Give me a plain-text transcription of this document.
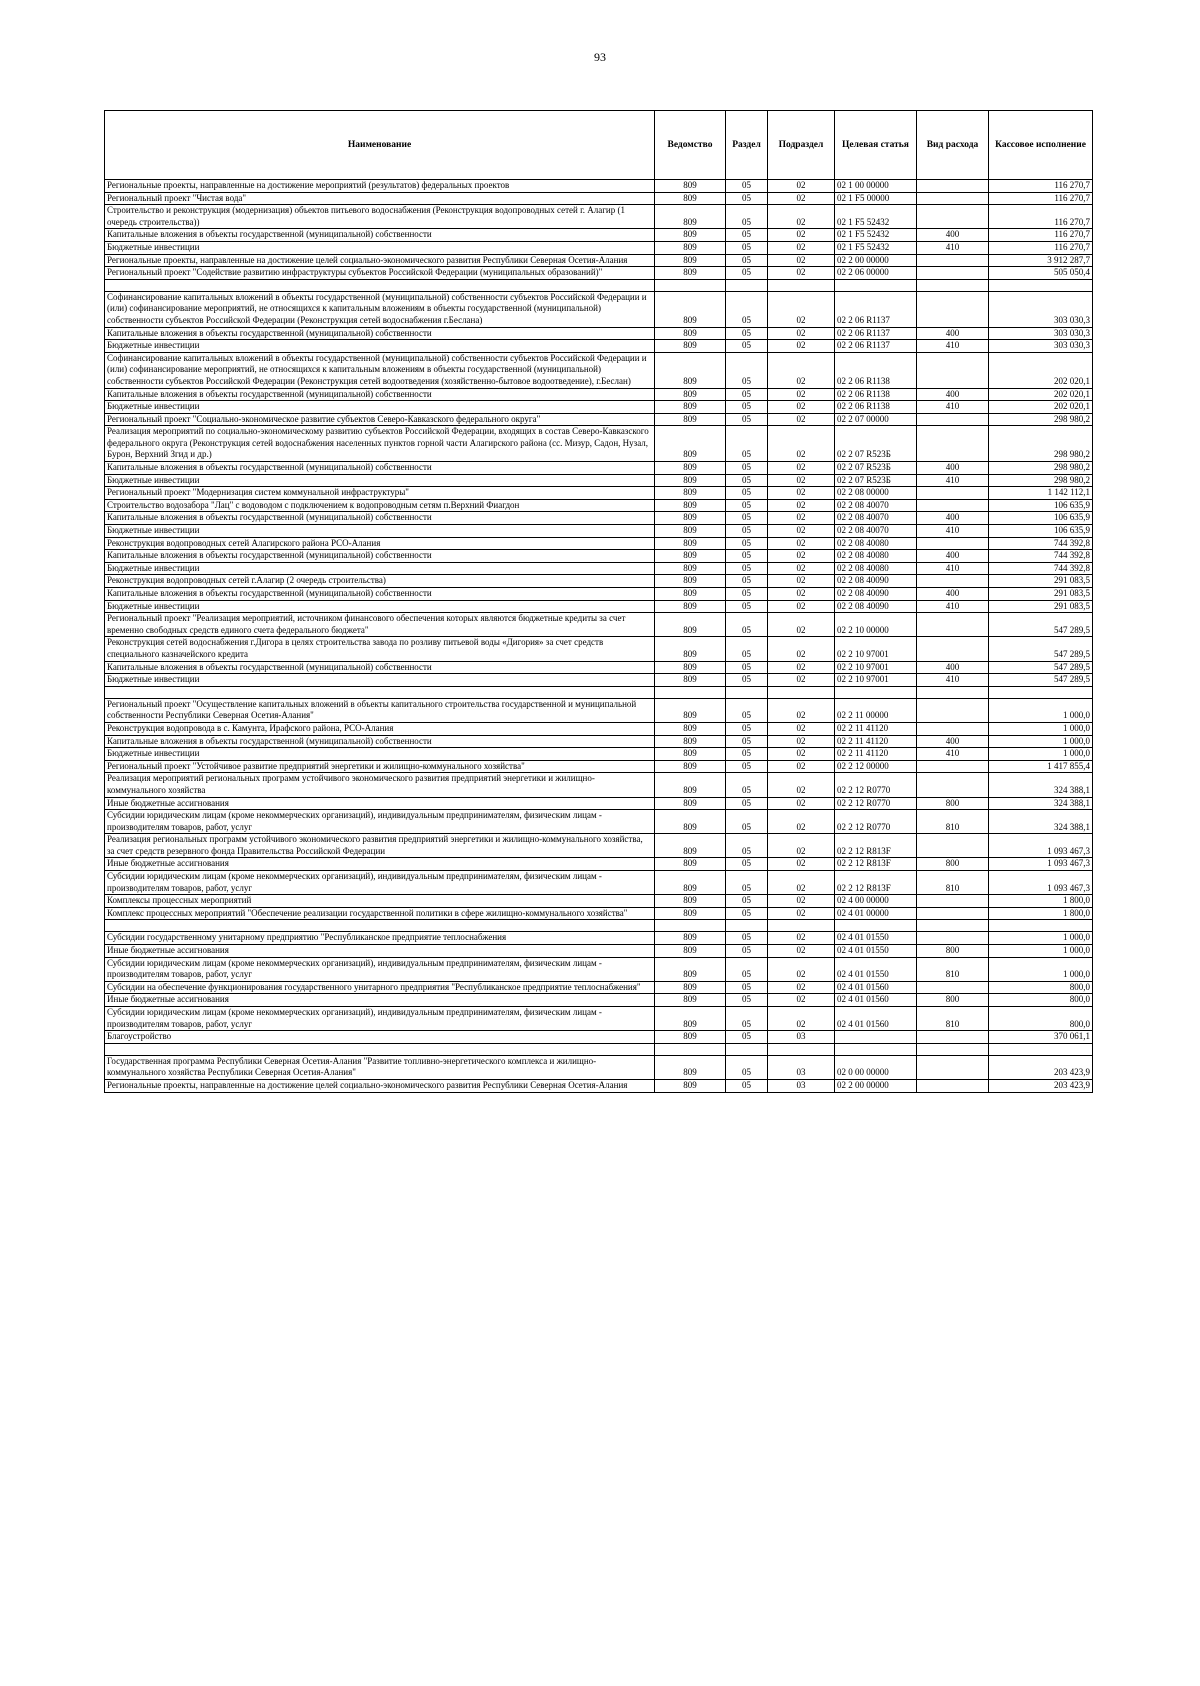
93
Наименование	Ведомство	Раздел	Подраздел	Целевая статья	Вид расхода	Кассовое исполнение
Региональные проекты, направленные на достижение мероприятий (результатов) федеральных проектов	809	05	02	02 1 00 00000		116 270,7
Региональный проект "Чистая вода"	809	05	02	02 1 F5 00000		116 270,7
Строительство и реконструкция (модернизация) объектов питьевого водоснабжения (Реконструкция водопроводных сетей г. Алагир (1 очередь строительства))	809	05	02	02 1 F5 52432		116 270,7
Капитальные вложения в объекты государственной (муниципальной) собственности	809	05	02	02 1 F5 52432	400	116 270,7
Бюджетные инвестиции	809	05	02	02 1 F5 52432	410	116 270,7
Региональные проекты, направленные на достижение целей социально-экономического развития Республики Северная Осетия-Алания	809	05	02	02 2 00 00000		3 912 287,7
Региональный проект "Содействие развитию инфраструктуры субъектов Российской Федерации (муниципальных образований)"	809	05	02	02 2 06 00000		505 050,4

Софинансирование капитальных вложений в объекты государственной (муниципальной) собственности субъектов Российской Федерации и (или) софинансирование мероприятий, не относящихся к капитальным вложениям в объекты государственной (муниципальной) собственности субъектов Российской Федерации (Реконструкция сетей водоснабжения г.Беслана)	809	05	02	02 2 06 R1137		303 030,3
Капитальные вложения в объекты государственной (муниципальной) собственности	809	05	02	02 2 06 R1137	400	303 030,3
Бюджетные инвестиции	809	05	02	02 2 06 R1137	410	303 030,3
Софинансирование капитальных вложений в объекты государственной (муниципальной) собственности субъектов Российской Федерации и (или) софинансирование мероприятий, не относящихся к капитальным вложениям в объекты государственной (муниципальной) собственности субъектов Российской Федерации (Реконструкция сетей водоотведения (хозяйственно-бытовое водоотведение), г.Беслан)	809	05	02	02 2 06 R1138		202 020,1
Капитальные вложения в объекты государственной (муниципальной) собственности	809	05	02	02 2 06 R1138	400	202 020,1
Бюджетные инвестиции	809	05	02	02 2 06 R1138	410	202 020,1
Региональный проект "Социально-экономическое развитие субъектов Северо-Кавказского федерального округа"	809	05	02	02 2 07 00000		298 980,2
Реализация мероприятий по социально-экономическому развитию субъектов Российской Федерации, входящих в состав Северо-Кавказского федерального округа (Реконструкция сетей водоснабжения населенных пунктов горной части Алагирского района (сс. Мизур, Садон, Нузал, Бурон, Верхний Згид и др.)	809	05	02	02 2 07 R523Б		298 980,2
Капитальные вложения в объекты государственной (муниципальной) собственности	809	05	02	02 2 07 R523Б	400	298 980,2
Бюджетные инвестиции	809	05	02	02 2 07 R523Б	410	298 980,2
Региональный проект "Модернизация систем коммунальной инфраструктуры"	809	05	02	02 2 08 00000		1 142 112,1
Строительство водозабора "Лац" с водоводом с подключением к водопроводным сетям п.Верхний Фиагдон	809	05	02	02 2 08 40070		106 635,9
Капитальные вложения в объекты государственной (муниципальной) собственности	809	05	02	02 2 08 40070	400	106 635,9
Бюджетные инвестиции	809	05	02	02 2 08 40070	410	106 635,9
Реконструкция водопроводных сетей Алагирского района РСО-Алания	809	05	02	02 2 08 40080		744 392,8
Капитальные вложения в объекты государственной (муниципальной) собственности	809	05	02	02 2 08 40080	400	744 392,8
Бюджетные инвестиции	809	05	02	02 2 08 40080	410	744 392,8
Реконструкция водопроводных сетей г.Алагир (2 очередь строительства)	809	05	02	02 2 08 40090		291 083,5
Капитальные вложения в объекты государственной (муниципальной) собственности	809	05	02	02 2 08 40090	400	291 083,5
Бюджетные инвестиции	809	05	02	02 2 08 40090	410	291 083,5
Региональный проект "Реализация мероприятий, источником финансового обеспечения которых являются бюджетные кредиты за счет временно свободных средств единого счета федерального бюджета"	809	05	02	02 2 10 00000		547 289,5
Реконструкция сетей водоснабжения г.Дигора в целях строительства завода по розливу питьевой воды «Дигория» за счет средств специального казначейского кредита	809	05	02	02 2 10 97001		547 289,5
Капитальные вложения в объекты государственной (муниципальной) собственности	809	05	02	02 2 10 97001	400	547 289,5
Бюджетные инвестиции	809	05	02	02 2 10 97001	410	547 289,5

Региональный проект "Осуществление капитальных вложений в объекты капитального строительства государственной и муниципальной собственности Республики Северная Осетия-Алания"	809	05	02	02 2 11 00000		1 000,0
Реконструкция водопровода в с. Камунта, Ирафского района, РСО-Алания	809	05	02	02 2 11 41120		1 000,0
Капитальные вложения в объекты государственной (муниципальной) собственности	809	05	02	02 2 11 41120	400	1 000,0
Бюджетные инвестиции	809	05	02	02 2 11 41120	410	1 000,0
Региональный проект "Устойчивое развитие предприятий энергетики и жилищно-коммунального хозяйства"	809	05	02	02 2 12 00000		1 417 855,4
Реализация мероприятий региональных программ устойчивого экономического развития предприятий энергетики и жилищно-коммунального хозяйства	809	05	02	02 2 12 R0770		324 388,1
Иные бюджетные ассигнования	809	05	02	02 2 12 R0770	800	324 388,1
Субсидии юридическим лицам (кроме некоммерческих организаций), индивидуальным предпринимателям, физическим лицам - производителям товаров, работ, услуг	809	05	02	02 2 12 R0770	810	324 388,1
Реализация региональных программ устойчивого экономического развития предприятий энергетики и жилищно-коммунального хозяйства, за счет средств резервного фонда Правительства Российской Федерации	809	05	02	02 2 12 R813F		1 093 467,3
Иные бюджетные ассигнования	809	05	02	02 2 12 R813F	800	1 093 467,3
Субсидии юридическим лицам (кроме некоммерческих организаций), индивидуальным предпринимателям, физическим лицам - производителям товаров, работ, услуг	809	05	02	02 2 12 R813F	810	1 093 467,3
Комплексы процессных мероприятий	809	05	02	02 4 00 00000		1 800,0
Комплекс процессных мероприятий "Обеспечение реализации государственной политики в сфере жилищно-коммунального хозяйства"	809	05	02	02 4 01 00000		1 800,0

Субсидии государственному унитарному предприятию "Республиканское предприятие теплоснабжения	809	05	02	02 4 01 01550		1 000,0
Иные бюджетные ассигнования	809	05	02	02 4 01 01550	800	1 000,0
Субсидии юридическим лицам (кроме некоммерческих организаций), индивидуальным предпринимателям, физическим лицам - производителям товаров, работ, услуг	809	05	02	02 4 01 01550	810	1 000,0
Субсидии на обеспечение функционирования государственного унитарного предприятия "Республиканское предприятие теплоснабжения"	809	05	02	02 4 01 01560		800,0
Иные бюджетные ассигнования	809	05	02	02 4 01 01560	800	800,0
Субсидии юридическим лицам (кроме некоммерческих организаций), индивидуальным предпринимателям, физическим лицам - производителям товаров, работ, услуг	809	05	02	02 4 01 01560	810	800,0
Благоустройство	809	05	03			370 061,1

Государственная программа Республики Северная Осетия-Алания "Развитие топливно-энергетического комплекса и жилищно-коммунального хозяйства Республики Северная Осетия-Алания"	809	05	03	02 0 00 00000		203 423,9
Региональные проекты, направленные на достижение целей социально-экономического развития Республики Северная Осетия-Алания	809	05	03	02 2 00 00000		203 423,9
